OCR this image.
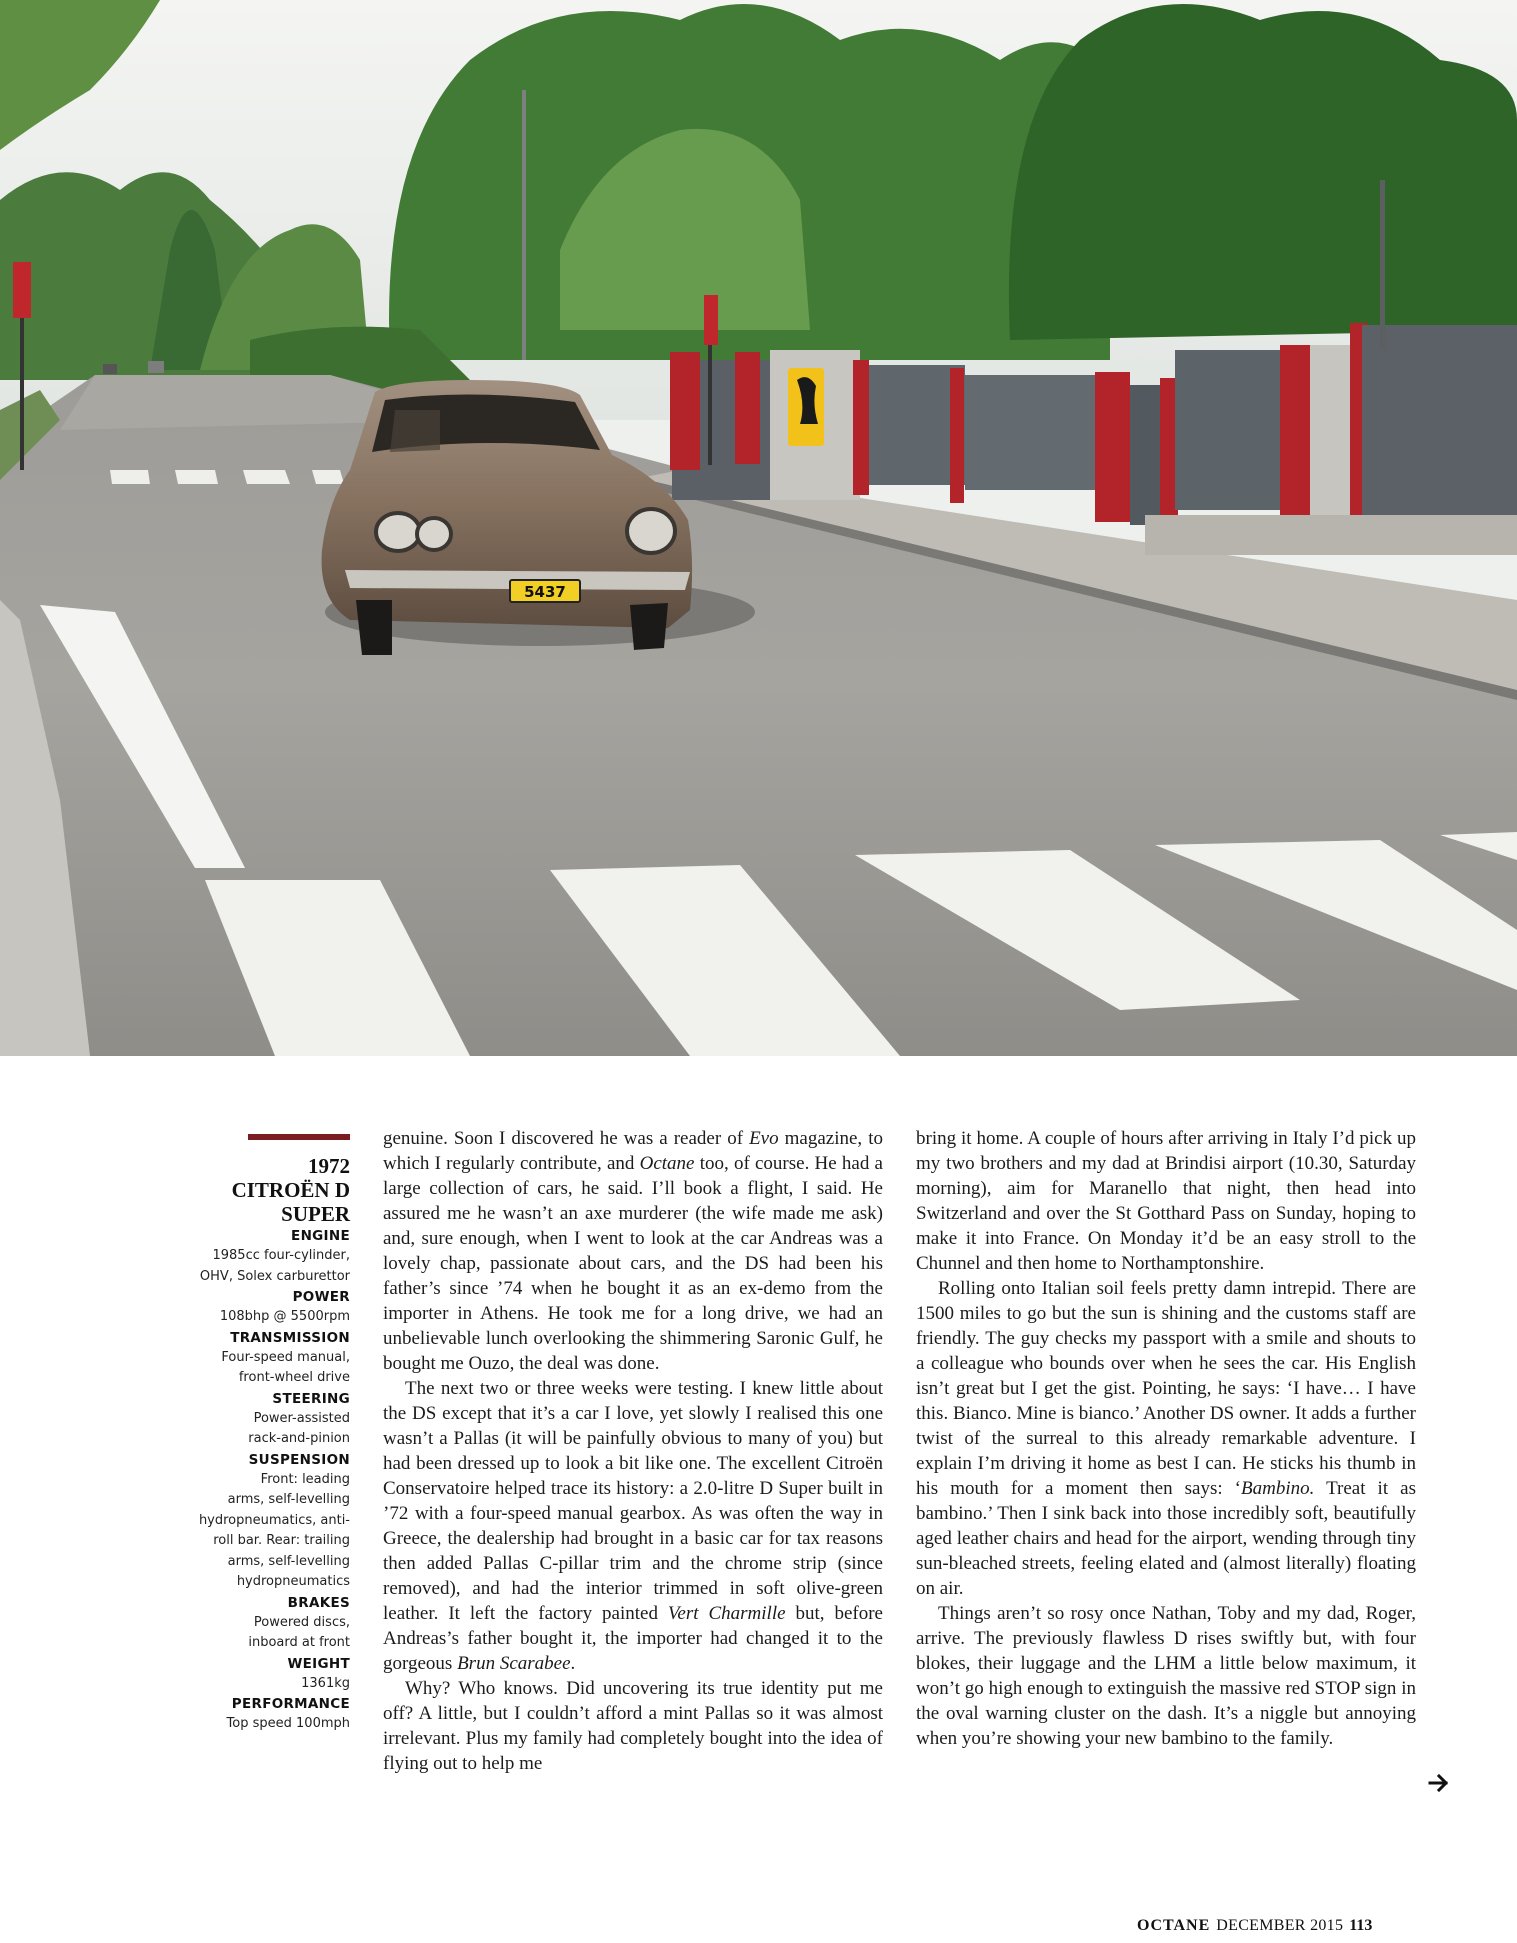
5437
1972
CITROËN D
SUPER
ENGINE
1985cc four-cylinder,
OHV, Solex carburettor
POWER
108bhp @ 5500rpm
TRANSMISSION
Four-speed manual,
front-wheel drive
STEERING
Power-assisted
rack-and-pinion
SUSPENSION
Front: leading
arms, self-levelling
hydropneumatics, anti-
roll bar. Rear: trailing
arms, self-levelling
hydropneumatics
BRAKES
Powered discs,
inboard at front
WEIGHT
1361kg
PERFORMANCE
Top speed 100mph

genuine. Soon I discovered he was a reader of Evo magazine, to which I regularly contribute, and Octane too, of course. He had a large collection of cars, he said. I’ll book a flight, I said. He assured me he wasn’t an axe murderer (the wife made me ask) and, sure enough, when I went to look at the car Andreas was a lovely chap, passionate about cars, and the DS had been his father’s since ’74 when he bought it as an ex-demo from the importer in Athens. He took me for a long drive, we had an unbelievable lunch overlooking the shimmering Saronic Gulf, he bought me Ouzo, the deal was done.

The next two or three weeks were testing. I knew little about the DS except that it’s a car I love, yet slowly I realised this one wasn’t a Pallas (it will be painfully obvious to many of you) but had been dressed up to look a bit like one. The excellent Citroën Conservatoire helped trace its history: a 2.0-litre D Super built in ’72 with a four-speed manual gearbox. As was often the way in Greece, the dealership had brought in a basic car for tax reasons then added Pallas C-pillar trim and the chrome strip (since removed), and had the interior trimmed in soft olive-green leather. It left the factory painted Vert Charmille but, before Andreas’s father bought it, the importer had changed it to the gorgeous Brun Scarabee.

Why? Who knows. Did uncovering its true identity put me off? A little, but I couldn’t afford a mint Pallas so it was almost irrelevant. Plus my family had completely bought into the idea of flying out to help me

bring it home. A couple of hours after arriving in Italy I’d pick up my two brothers and my dad at Brindisi airport (10.30, Saturday morning), aim for Maranello that night, then head into Switzerland and over the St Gotthard Pass on Sunday, hoping to make it into France. On Monday it’d be an easy stroll to the Chunnel and then home to Northamptonshire.

Rolling onto Italian soil feels pretty damn intrepid. There are 1500 miles to go but the sun is shining and the customs staff are friendly. The guy checks my passport with a smile and shouts to a colleague who bounds over when he sees the car. His English isn’t great but I get the gist. Pointing, he says: ‘I have… I have this. Bianco. Mine is bianco.’ Another DS owner. It adds a further twist of the surreal to this already remarkable adventure. I explain I’m driving it home as best I can. He sticks his thumb in his mouth for a moment then says: ‘Bambino. Treat it as bambino.’ Then I sink back into those incredibly soft, beautifully aged leather chairs and head for the airport, wending through tiny sun-bleached streets, feeling elated and (almost literally) floating on air.

Things aren’t so rosy once Nathan, Toby and my dad, Roger, arrive. The previously flawless D rises swiftly but, with four blokes, their luggage and the LHM a little below maximum, it won’t go high enough to extinguish the massive red STOP sign in the oval warning cluster on the dash. It’s a niggle but annoying when you’re showing your new bambino to the family.

OCTANE DECEMBER 2015 113
